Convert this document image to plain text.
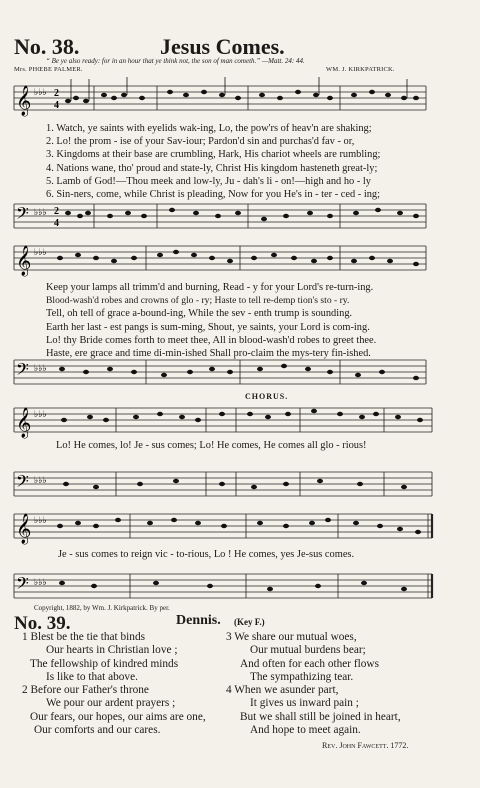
No. 38.	Jesus Comes.
“ Be ye also ready: for in an hour that ye think not, the son of man cometh.” —Matt. 24: 44.
Mrs. PHŒBE PALMER.	WM. J. KIRKPATRICK.
𝄞 ♭♭♭ 2
4
1. Watch, ye saints with eyelids wak-ing, Lo, the pow'rs of heav'n are shaking;
2. Lo! the prom - ise of your Sav-iour; Pardon'd sin and purchas'd fav - or,
3. Kingdoms at their base are crumbling, Hark, His chariot wheels are rumbling;
4. Nations wane, tho' proud and state-ly, Christ His kingdom hasteneth great-ly;
5. Lamb of God!—Thou meek and low-ly, Ju - dah's li - on!—high and ho - ly
6. Sin-ners, come, while Christ is pleading, Now for you He's in - ter - ced - ing;
𝄢 ♭♭♭ 2
4
𝄞 ♭♭♭
Keep your lamps all trimm'd and burning, Read - y for your Lord's re-turn-ing.
Blood-wash'd robes and crowns of glo - ry; Haste to tell re-demp tion's sto - ry.
Tell, oh tell of grace a-bound-ing, While the sev - enth trump is sounding.
Earth her last - est pangs is sum-ming, Shout, ye saints, your Lord is com-ing.
Lo! thy Bride comes forth to meet thee, All in blood-wash'd robes to greet thee.
Haste, ere grace and time di-min-ished Shall pro-claim the mys-tery fin-ished.
𝄢 ♭♭♭
CHORUS.
𝄞 ♭♭♭
Lo! He comes, lo! Je - sus comes; Lo! He comes, He comes all glo - rious!
𝄢 ♭♭♭
𝄞 ♭♭♭
Je - sus comes to reign vic - to-rious, Lo ! He comes, yes Je-sus comes.
𝄢 ♭♭♭
Copyright, 1882, by Wm. J. Kirkpatrick. By per.
No. 39.	Dennis. (Key F.)
1 Blest be the tie that binds
Our hearts in Christian love ;
The fellowship of kindred minds
Is like to that above.
2 Before our Father's throne
We pour our ardent prayers ;
Our fears, our hopes, our aims are one,
Our comforts and our cares.
3 We share our mutual woes,
Our mutual burdens bear;
And often for each other flows
The sympathizing tear.
4 When we asunder part,
It gives us inward pain ;
But we shall still be joined in heart,
And hope to meet again.
Rev. John Fawcett. 1772.
